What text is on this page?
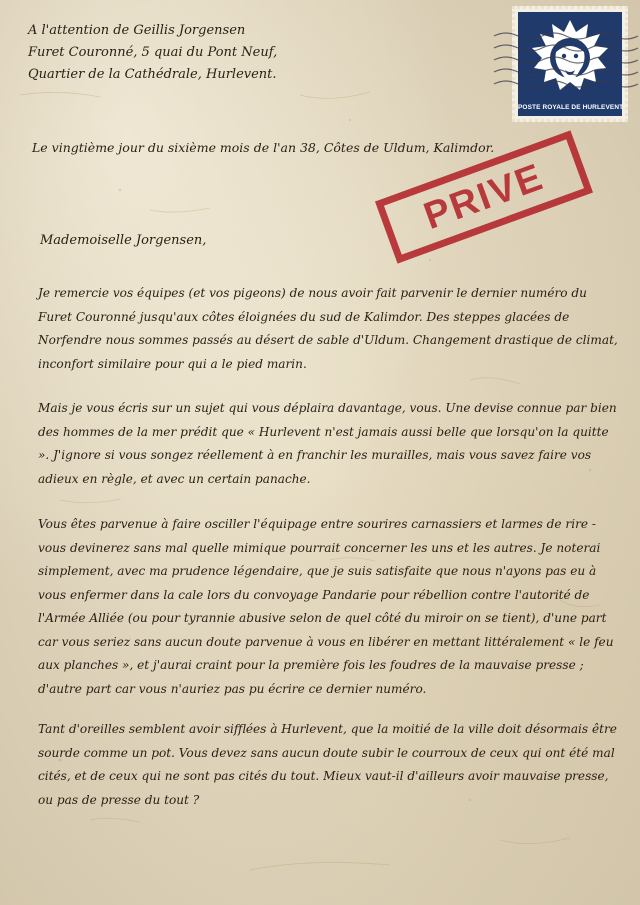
A l'attention de Geillis Jorgensen
Furet Couronné, 5 quai du Pont Neuf,
Quartier de la Cathédrale, Hurlevent.
POSTE ROYALE DE HURLEVENT
Le vingtième jour du sixième mois de l'an 38, Côtes de Uldum, Kalimdor.
PRIVE
Mademoiselle Jorgensen,

Je remercie vos équipes (et vos pigeons) de nous avoir fait parvenir le dernier numéro du Furet Couronné jusqu'aux côtes éloignées du sud de Kalimdor. Des steppes glacées de Norfendre nous sommes passés au désert de sable d'Uldum. Changement drastique de climat, inconfort similaire pour qui a le pied marin.

Mais je vous écris sur un sujet qui vous déplaira davantage, vous. Une devise connue par bien des hommes de la mer prédit que « Hurlevent n'est jamais aussi belle que lorsqu'on la quitte ». J'ignore si vous songez réellement à en franchir les murailles, mais vous savez faire vos adieux en règle, et avec un certain panache.

Vous êtes parvenue à faire osciller l'équipage entre sourires carnassiers et larmes de rire - vous devinerez sans mal quelle mimique pourrait concerner les uns et les autres. Je noterai simplement, avec ma prudence légendaire, que je suis satisfaite que nous n'ayons pas eu à vous enfermer dans la cale lors du convoyage Pandarie pour rébellion contre l'autorité de l'Armée Alliée (ou pour tyrannie abusive selon de quel côté du miroir on se tient), d'une part car vous seriez sans aucun doute parvenue à vous en libérer en mettant littéralement « le feu aux planches », et j'aurai craint pour la première fois les foudres de la mauvaise presse ; d'autre part car vous n'auriez pas pu écrire ce dernier numéro.

Tant d'oreilles semblent avoir sifflées à Hurlevent, que la moitié de la ville doit désormais être sourde comme un pot. Vous devez sans aucun doute subir le courroux de ceux qui ont été mal cités, et de ceux qui ne sont pas cités du tout. Mieux vaut-il d'ailleurs avoir mauvaise presse, ou pas de presse du tout ?
